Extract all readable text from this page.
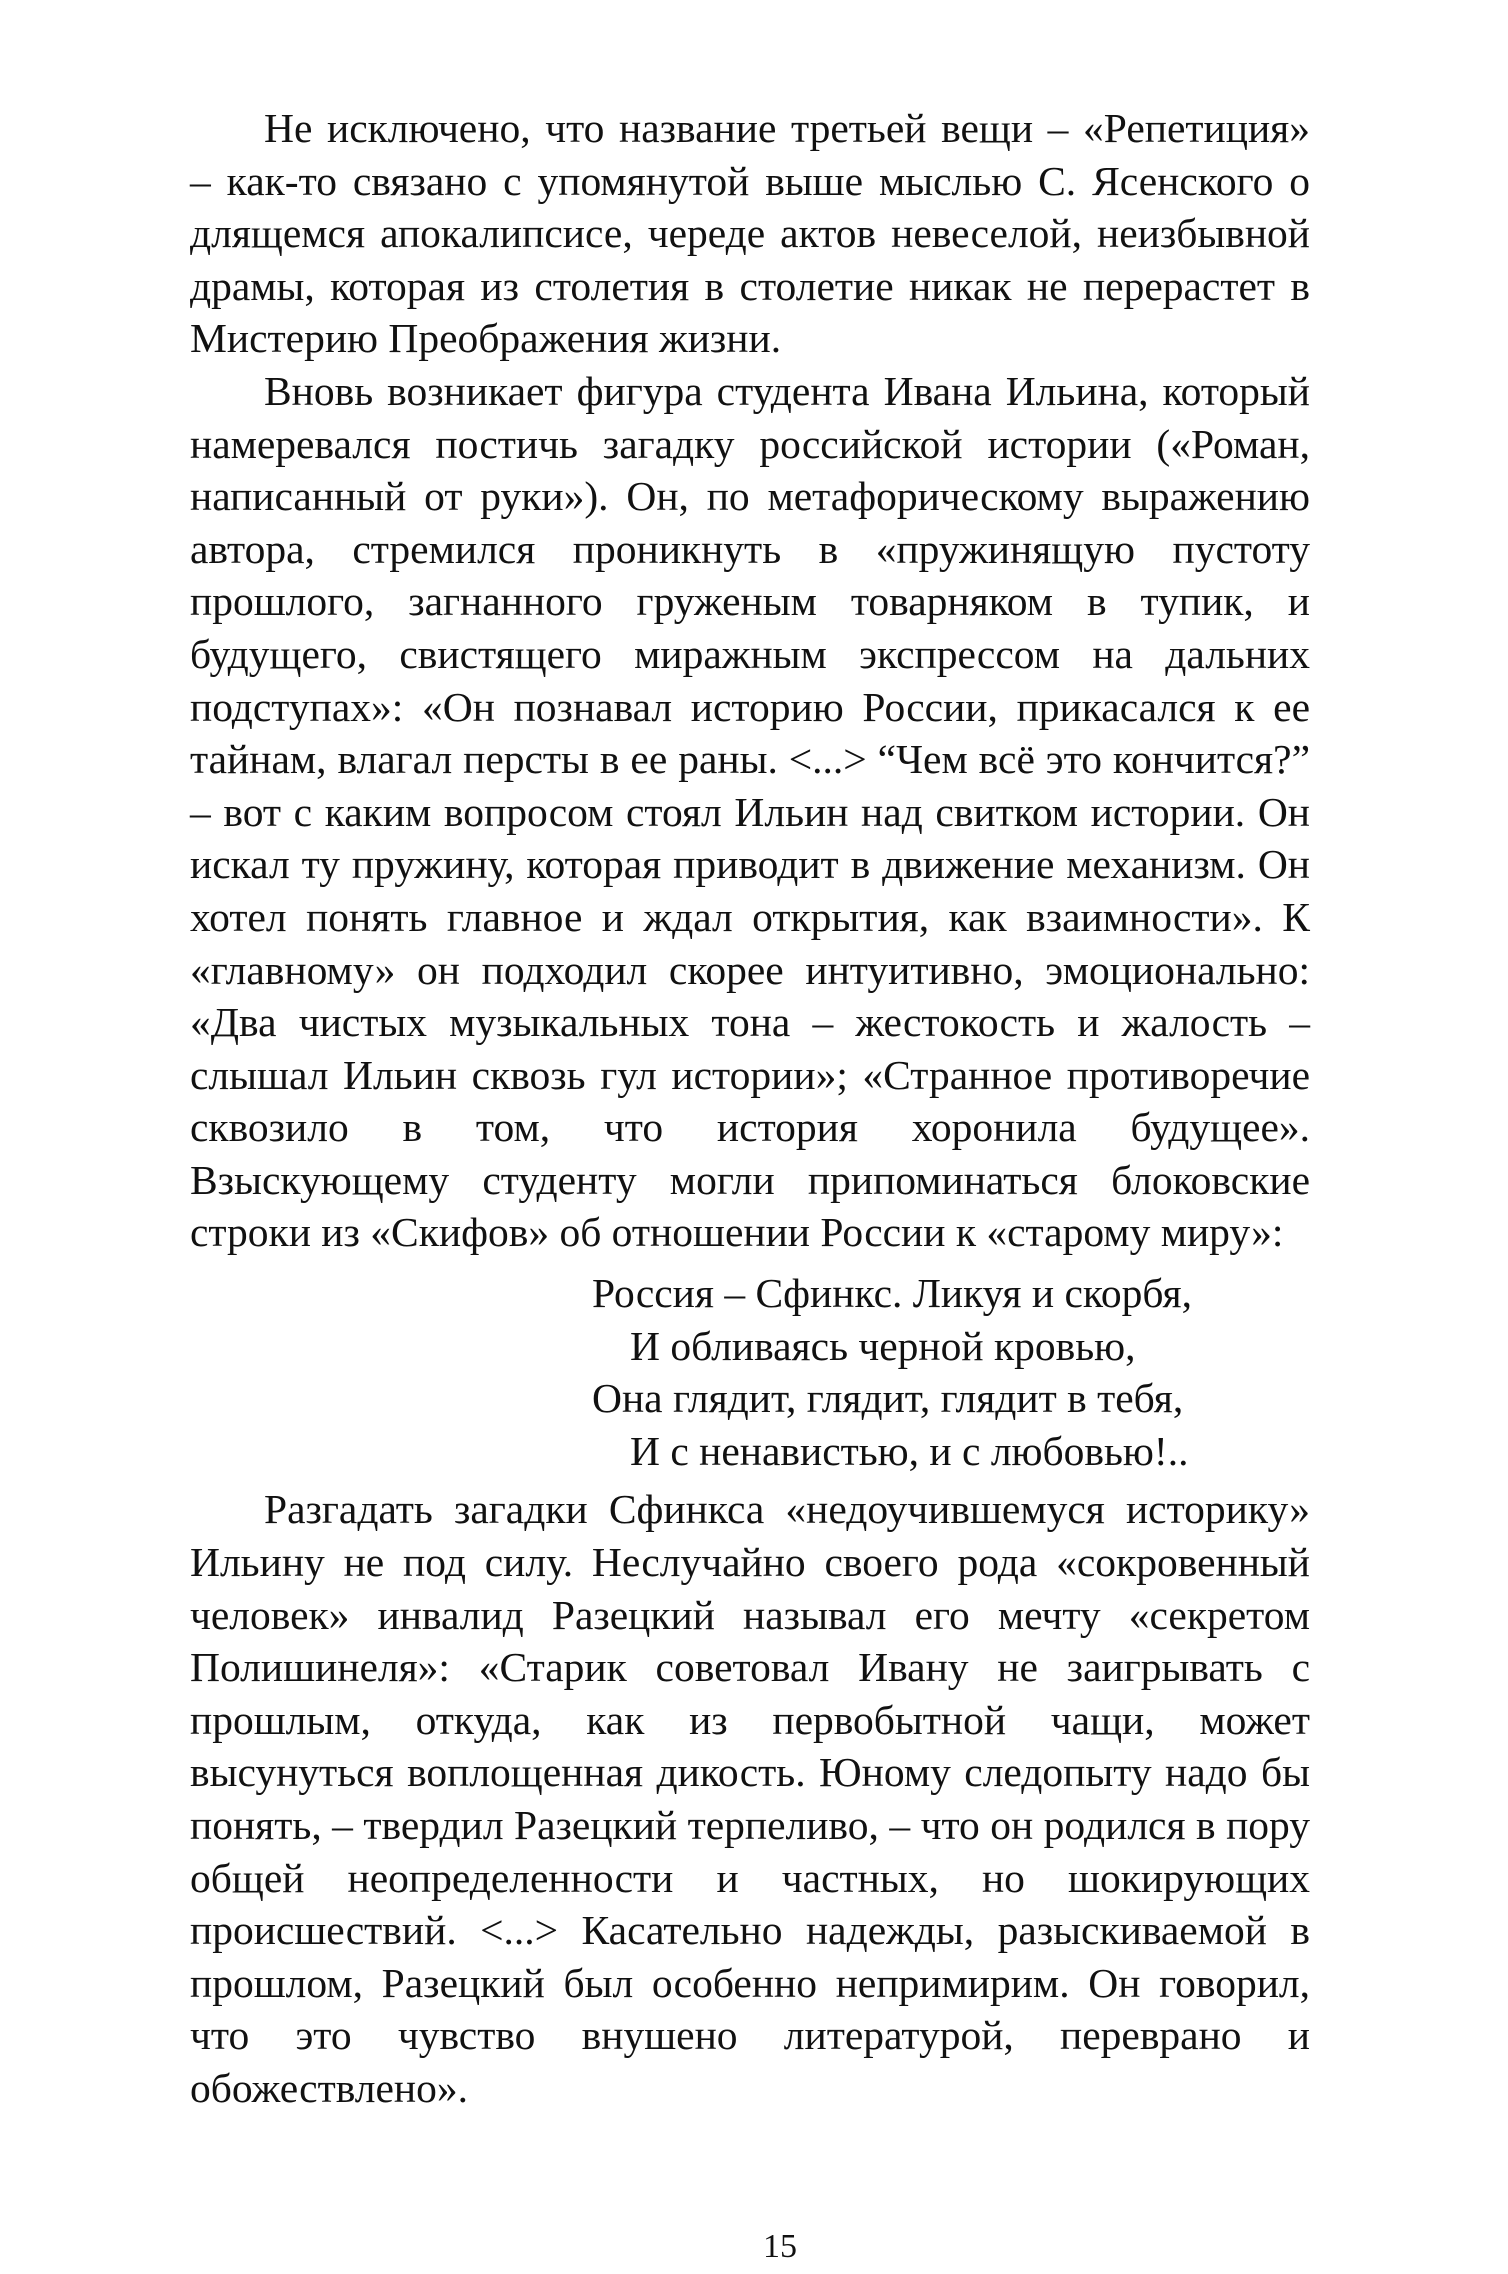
Не исключено, что название третьей вещи – «Репетиция» – как-то связано с упомянутой выше мыслью С. Ясенского о длящемся апокалипсисе, череде актов невеселой, неизбывной драмы, которая из столетия в столетие никак не перерастет в Мистерию Преображения жизни.

Вновь возникает фигура студента Ивана Ильина, который намеревался постичь загадку российской истории («Роман, написанный от руки»). Он, по метафорическому выражению автора, стремился проникнуть в «пружинящую пустоту прошлого, загнанного груженым товарняком в тупик, и будущего, свистящего миражным экспрессом на дальних подступах»: «Он познавал историю России, прикасался к ее тайнам, влагал персты в ее раны. <...> “Чем всё это кончится?” – вот с каким вопросом стоял Ильин над свитком истории. Он искал ту пружину, которая приводит в движение механизм. Он хотел понять главное и ждал открытия, как взаимности». К «главному» он подходил скорее интуитивно, эмоционально: «Два чистых музыкальных тона – жестокость и жалость – слышал Ильин сквозь гул истории»; «Странное противоречие сквозило в том, что история хоронила будущее». Взыскующему студенту могли припоминаться блоковские строки из «Скифов» об отношении России к «старому миру»:

Россия – Сфинкс. Ликуя и скорбя,
И обливаясь черной кровью,
Она глядит, глядит, глядит в тебя,
И с ненавистью, и с любовью!..

Разгадать загадки Сфинкса «недоучившемуся историку» Ильину не под силу. Неслучайно своего рода «сокровенный человек» инвалид Разецкий называл его мечту «секретом Полишинеля»: «Старик советовал Ивану не заигрывать с прошлым, откуда, как из первобытной чащи, может высунуться воплощенная дикость. Юному следопыту надо бы понять, – твердил Разецкий терпеливо, – что он родился в пору общей неопределенности и частных, но шокирующих происшествий. <...> Касательно надежды, разыскиваемой в прошлом, Разецкий был особенно непримирим. Он говорил, что это чувство внушено литературой, переврано и обожествлено».

15
